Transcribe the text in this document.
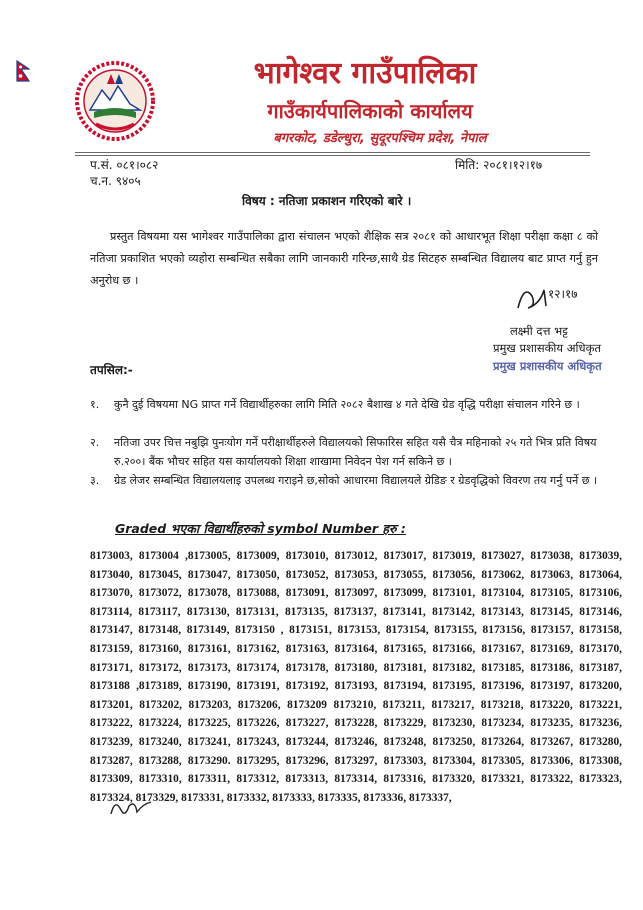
भागेश्वर गाउँपालिका
गाउँकार्यपालिकाको कार्यालय
बगरकोट, डडेल्धुरा, सुदूरपश्चिम प्रदेश, नेपाल
प.सं. ०८१।०८२
च.न. ९४०५
मिति: २०८१।१२।१७
विषय : नतिजा प्रकाशन गरिएको बारे ।
प्रस्तुत विषयमा यस भागेश्वर गाउँपालिका द्वारा संचालन भएको शैक्षिक सत्र २०८१ को आधारभूत शिक्षा परीक्षा कक्षा ८ को नतिजा प्रकाशित भएको व्यहोरा सम्बन्धित सबैका लागि जानकारी गरिन्छ,साथै ग्रेड सिटहरु सम्बन्धित विद्यालय बाट प्राप्त गर्नु हुन अनुरोध छ ।
१२।१७
लक्ष्मी दत्त भट्ट
प्रमुख प्रशासकीय अधिकृत
प्रमुख प्रशासकीय अधिकृत
तपसिल:-
१.	कुनै दुई विषयमा NG प्राप्त गर्ने विद्यार्थीहरुका लागि मिति २०८२ बैशाख ४ गते देखि ग्रेड वृद्धि परीक्षा संचालन गरिने छ ।
२.	नतिजा उपर चित्त नबुझि पुनःयोग गर्ने परीक्षार्थीहरुले विद्यालयको सिफारिस सहित यसै चैत्र महिनाको २५ गते भित्र प्रति विषय रु.२००। बैंक भौचर सहित यस कार्यालयको शिक्षा शाखामा निवेदन पेश गर्न सकिने छ ।
३.	ग्रेड लेजर सम्बन्धित विद्यालयलाइ उपलब्ध गराइने छ,सोको आधारमा विद्यालयले ग्रेडिङ र ग्रेडवृद्धिको विवरण तय गर्नु पर्ने छ ।
Graded भएका विद्यार्थीहरुको symbol Number हरु :
8173003, 8173004 ,8173005, 8173009, 8173010, 8173012, 8173017, 8173019, 8173027, 8173038, 8173039, 8173040, 8173045, 8173047, 8173050, 8173052, 8173053, 8173055, 8173056, 8173062, 8173063, 8173064, 8173070, 8173072, 8173078, 8173088, 8173091, 8173097, 8173099, 8173101, 8173104, 8173105, 8173106, 8173114, 8173117, 8173130, 8173131, 8173135, 8173137, 8173141, 8173142, 8173143, 8173145, 8173146, 8173147, 8173148, 8173149, 8173150 , 8173151, 8173153, 8173154, 8173155, 8173156, 8173157, 8173158, 8173159, 8173160, 8173161, 8173162, 8173163, 8173164, 8173165, 8173166, 8173167, 8173169, 8173170, 8173171, 8173172, 8173173, 8173174, 8173178, 8173180, 8173181, 8173182, 8173185, 8173186, 8173187, 8173188 ,8173189, 8173190, 8173191, 8173192, 8173193, 8173194, 8173195, 8173196, 8173197, 8173200, 8173201, 8173202, 8173203, 8173206, 8173209 8173210, 8173211, 8173217, 8173218, 8173220, 8173221, 8173222, 8173224, 8173225, 8173226, 8173227, 8173228, 8173229, 8173230, 8173234, 8173235, 8173236, 8173239, 8173240, 8173241, 8173243, 8173244, 8173246, 8173248, 8173250, 8173264, 8173267, 8173280, 8173287, 8173288, 8173290. 8173295, 8173296, 8173297, 8173303, 8173304, 8173305, 8173306, 8173308, 8173309, 8173310, 8173311, 8173312, 8173313, 8173314, 8173316, 8173320, 8173321, 8173322, 8173323, 8173324, 8173329, 8173331, 8173332, 8173333, 8173335, 8173336, 8173337,
